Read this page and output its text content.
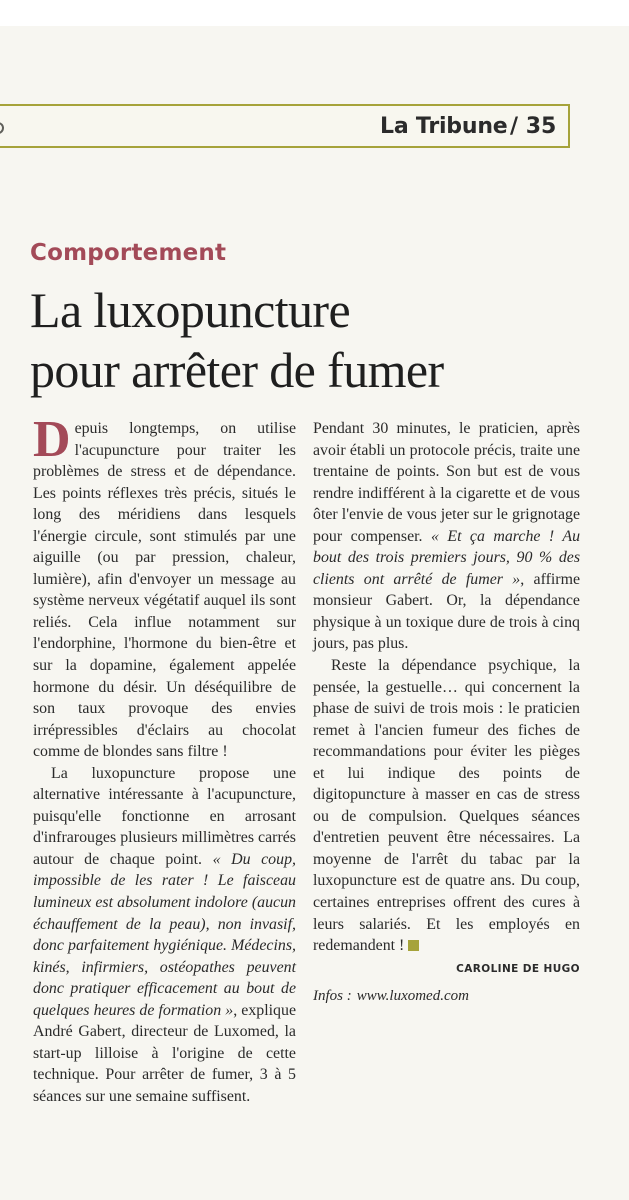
La Tribune / 35
Comportement
La luxopuncture
pour arrêter de fumer

Depuis longtemps, on utilise l'acupuncture pour traiter les problèmes de stress et de dépendance. Les points réflexes très précis, situés le long des méridiens dans lesquels l'énergie circule, sont stimulés par une aiguille (ou par pression, chaleur, lumière), afin d'envoyer un message au système nerveux végétatif auquel ils sont reliés. Cela influe notamment sur l'endorphine, l'hormone du bien-être et sur la dopamine, également appelée hormone du désir. Un déséquilibre de son taux provoque des envies irrépressibles d'éclairs au chocolat comme de blondes sans filtre !

La luxopuncture propose une alternative intéressante à l'acupuncture, puisqu'elle fonctionne en arrosant d'infrarouges plusieurs millimètres carrés autour de chaque point. « Du coup, impossible de les rater ! Le faisceau lumineux est absolument indolore (aucun échauffement de la peau), non invasif, donc parfaitement hygiénique. Médecins, kinés, infirmiers, ostéopathes peuvent donc pratiquer efficacement au bout de quelques heures de formation », explique André Gabert, directeur de Luxomed, la start-up lilloise à l'origine de cette technique. Pour arrêter de fumer, 3 à 5 séances sur une semaine suffisent.

Pendant 30 minutes, le praticien, après avoir établi un protocole précis, traite une trentaine de points. Son but est de vous rendre indifférent à la cigarette et de vous ôter l'envie de vous jeter sur le grignotage pour compenser. « Et ça marche ! Au bout des trois premiers jours, 90 % des clients ont arrêté de fumer », affirme monsieur Gabert. Or, la dépendance physique à un toxique dure de trois à cinq jours, pas plus.

Reste la dépendance psychique, la pensée, la gestuelle… qui concernent la phase de suivi de trois mois : le praticien remet à l'ancien fumeur des fiches de recommandations pour éviter les pièges et lui indique des points de digitopuncture à masser en cas de stress ou de compulsion. Quelques séances d'entretien peuvent être nécessaires. La moyenne de l'arrêt du tabac par la luxopuncture est de quatre ans. Du coup, certaines entreprises offrent des cures à leurs salariés. Et les employés en redemandent !

CAROLINE DE HUGO
Infos : www.luxomed.com
